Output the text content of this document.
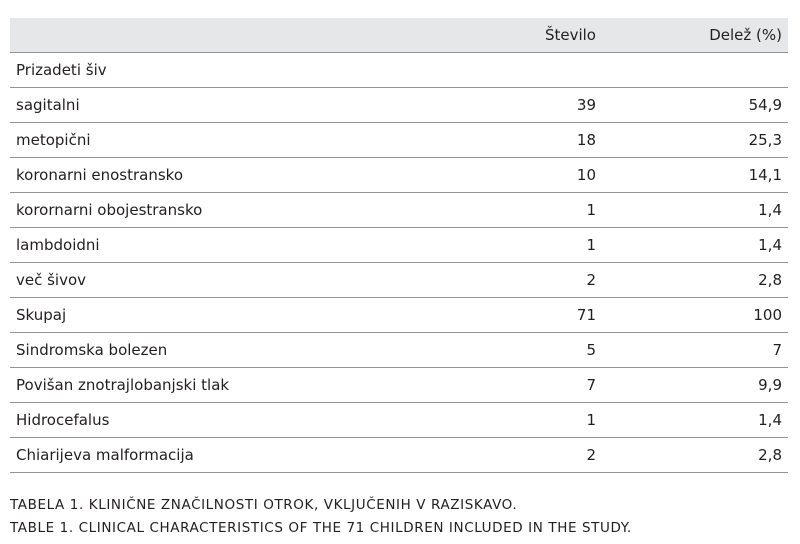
	Število	Delež (%)
Prizadeti šiv		
sagitalni	39	54,9
metopični	18	25,3
koronarni enostransko	10	14,1
korornarni obojestransko	1	1,4
lambdoidni	1	1,4
več šivov	2	2,8
Skupaj	71	100
Sindromska bolezen	5	7
Povišan znotrajlobanjski tlak	7	9,9
Hidrocefalus	1	1,4
Chiarijeva malformacija	2	2,8
TABELA 1. KLINIČNE ZNAČILNOSTI OTROK, VKLJUČENIH V RAZISKAVO.
TABLE 1. CLINICAL CHARACTERISTICS OF THE 71 CHILDREN INCLUDED IN THE STUDY.
